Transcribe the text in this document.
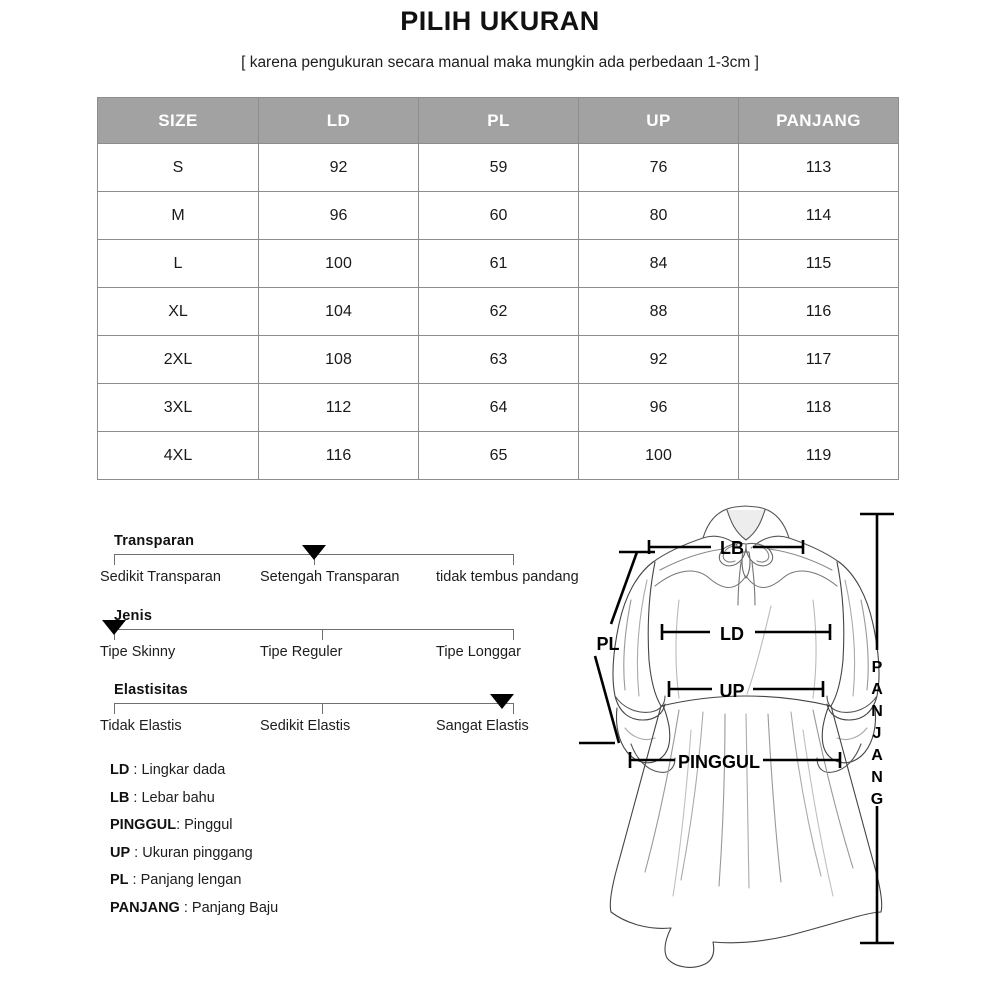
PILIH UKURAN
[ karena pengukuran secara manual maka mungkin ada perbedaan 1-3cm ]
SIZE	LD	PL	UP	PANJANG
S	92	59	76	113
M	96	60	80	114
L	100	61	84	115
XL	104	62	88	116
2XL	108	63	92	117
3XL	112	64	96	118
4XL	116	65	100	119
Transparan
Sedikit Transparan	Setengah Transparan	tidak tembus pandang
Jenis
Tipe Skinny	Tipe Reguler	Tipe Longgar
Elastisitas
Tidak Elastis	Sedikit Elastis	Sangat Elastis
LD : Lingkar dada
LB : Lebar bahu
PINGGUL: Pinggul
UP : Ukuran pinggang
PL : Panjang lengan
PANJANG : Panjang Baju
LB
LD
UP
PINGGUL
PL
P
A
N
J
A
N
G
